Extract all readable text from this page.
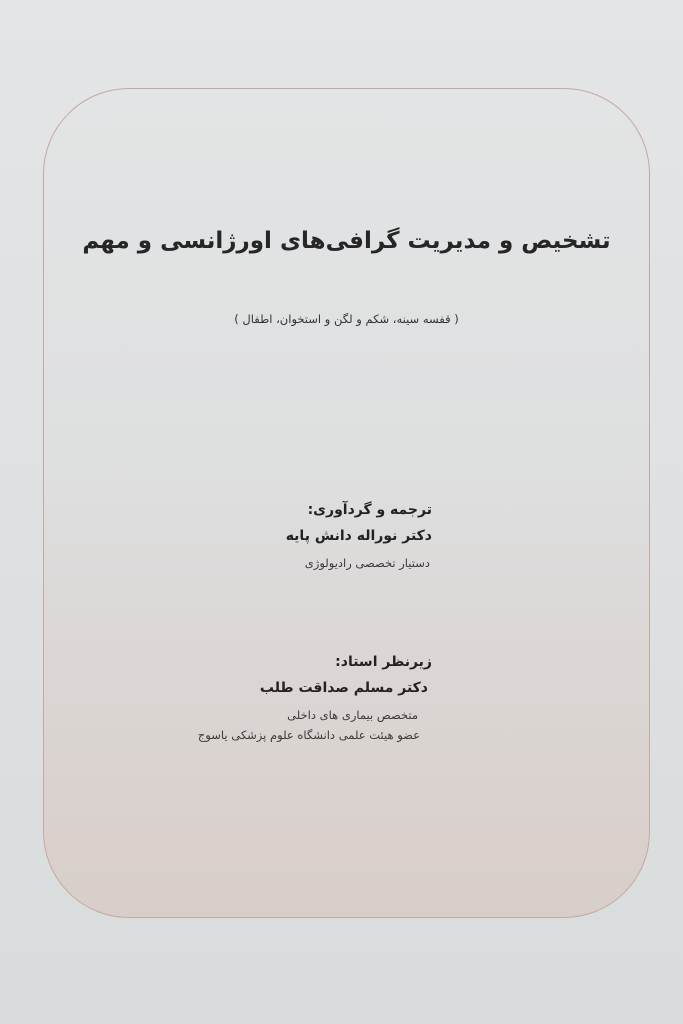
تشخیص و مدیریت گرافی‌های اورژانسی و مهم
( قفسه سینه، شکم و لگن و استخوان، اطفال )
ترجمه و گردآوری:
دکتر نوراله دانش پایه
دستیار تخصصی رادیولوژی
زیرنظر استاد:
دکتر مسلم صداقت طلب
متخصص بیماری های داخلی
عضو هیئت علمی دانشگاه علوم پزشکی یاسوج
